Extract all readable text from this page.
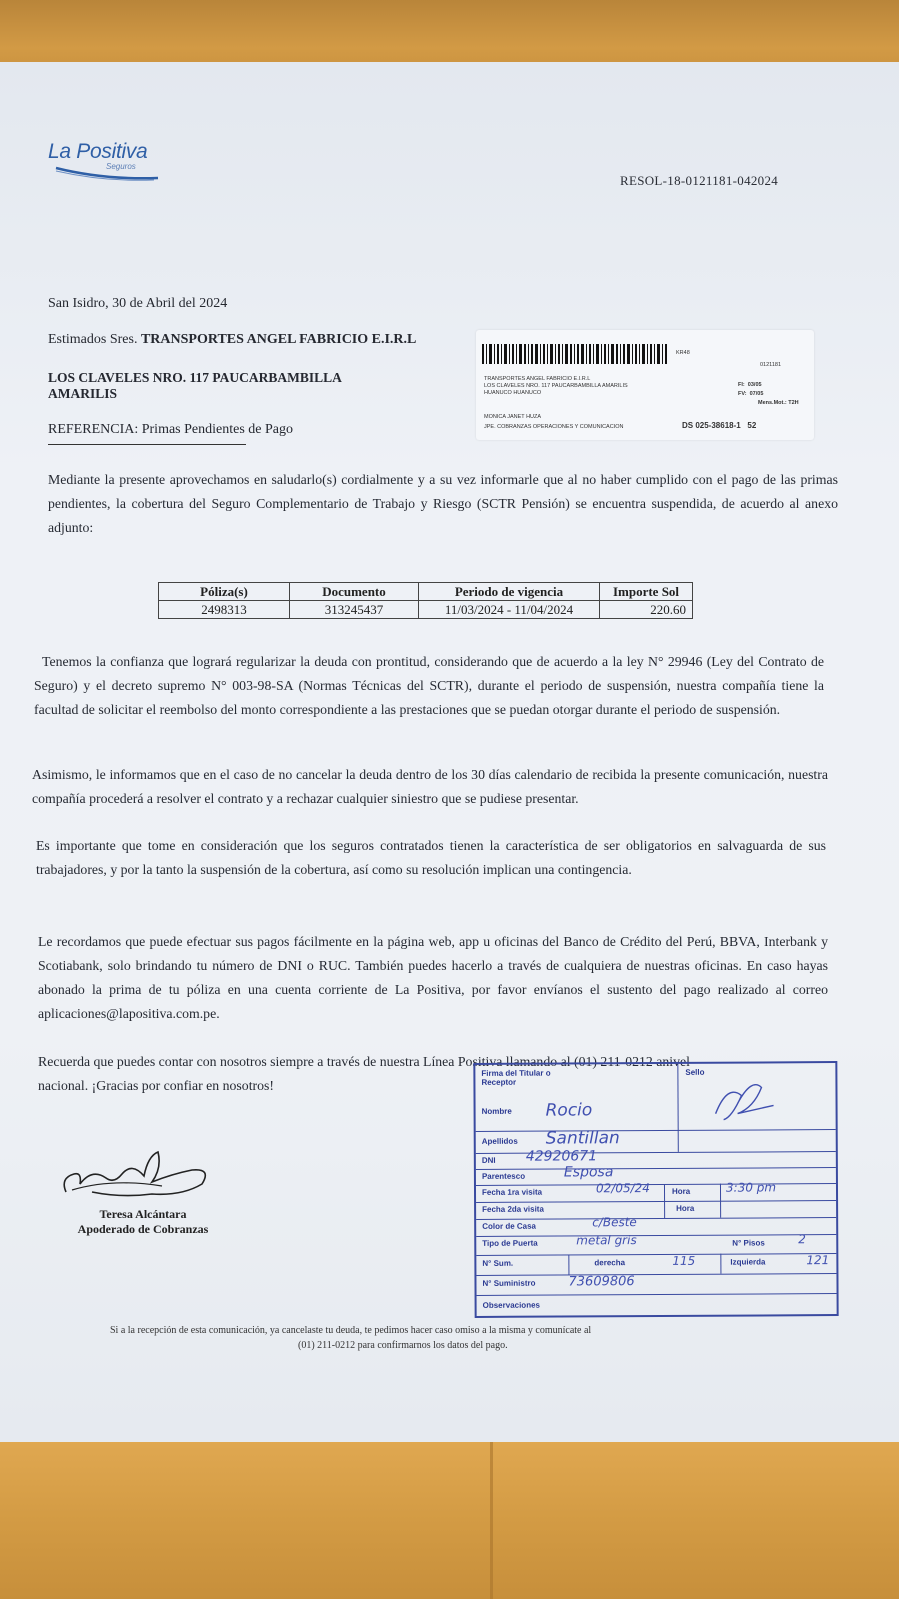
La Positiva
Seguros
RESOL-18-0121181-042024
San Isidro, 30 de Abril del 2024
Estimados Sres. TRANSPORTES ANGEL FABRICIO E.I.R.L
LOS CLAVELES NRO. 117 PAUCARBAMBILLA
AMARILIS
REFERENCIA: Primas Pendientes de Pago
KR48
0121181
TRANSPORTES ANGEL FABRICIO E.I.R.L
LOS CLAVELES NRO. 117 PAUCARBAMBILLA AMARILIS
HUANUCO HUANUCO
MONICA JANET HUZA
JPE. COBRANZAS OPERACIONES Y COMUNICACION
FI: 03/05
FV: 07/05
Mens.Mot.: T2H
DS 025-38618-1 52
Mediante la presente aprovechamos en saludarlo(s) cordialmente y a su vez informarle que al no haber cumplido con el pago de las primas pendientes, la cobertura del Seguro Complementario de Trabajo y Riesgo (SCTR Pensión) se encuentra suspendida, de acuerdo al anexo adjunto:
Póliza(s)	Documento	Periodo de vigencia	Importe Sol
2498313	313245437	11/03/2024 - 11/04/2024	220.60
Tenemos la confianza que logrará regularizar la deuda con prontitud, considerando que de acuerdo a la ley N° 29946 (Ley del Contrato de Seguro) y el decreto supremo N° 003-98-SA (Normas Técnicas del SCTR), durante el periodo de suspensión, nuestra compañía tiene la facultad de solicitar el reembolso del monto correspondiente a las prestaciones que se puedan otorgar durante el periodo de suspensión.
Asimismo, le informamos que en el caso de no cancelar la deuda dentro de los 30 días calendario de recibida la presente comunicación, nuestra compañía procederá a resolver el contrato y a rechazar cualquier siniestro que se pudiese presentar.
Es importante que tome en consideración que los seguros contratados tienen la característica de ser obligatorios en salvaguarda de sus trabajadores, y por la tanto la suspensión de la cobertura, así como su resolución implican una contingencia.
Le recordamos que puede efectuar sus pagos fácilmente en la página web, app u oficinas del Banco de Crédito del Perú, BBVA, Interbank y Scotiabank, solo brindando tu número de DNI o RUC. También puedes hacerlo a través de cualquiera de nuestras oficinas. En caso hayas abonado la prima de tu póliza en una cuenta corriente de La Positiva, por favor envíanos el sustento del pago realizado al correo aplicaciones@lapositiva.com.pe.
Recuerda que puedes contar con nosotros siempre a través de nuestra Línea Positiva llamando al (01) 211-0212 anivel
nacional. ¡Gracias por confiar en nosotros!
Teresa Alcántara
Apoderado de Cobranzas
Firma del Titular o Receptor
Sello
Nombre Rocio
Apellidos Santillan
DNI 42920671
Parentesco	Esposa
Fecha 1ra visita	02/05/24	Hora	3:30 pm
Fecha 2da visita	Hora
Color de Casa	c/Beste
Tipo de Puerta	metal gris	N° Pisos	2
N° Sum.	derecha	115	Izquierda	121
N° Suministro	73609806
Observaciones
Si a la recepción de esta comunicación, ya cancelaste tu deuda, te pedimos hacer caso omiso a la misma y comunícate al
(01) 211-0212 para confirmarnos los datos del pago.
